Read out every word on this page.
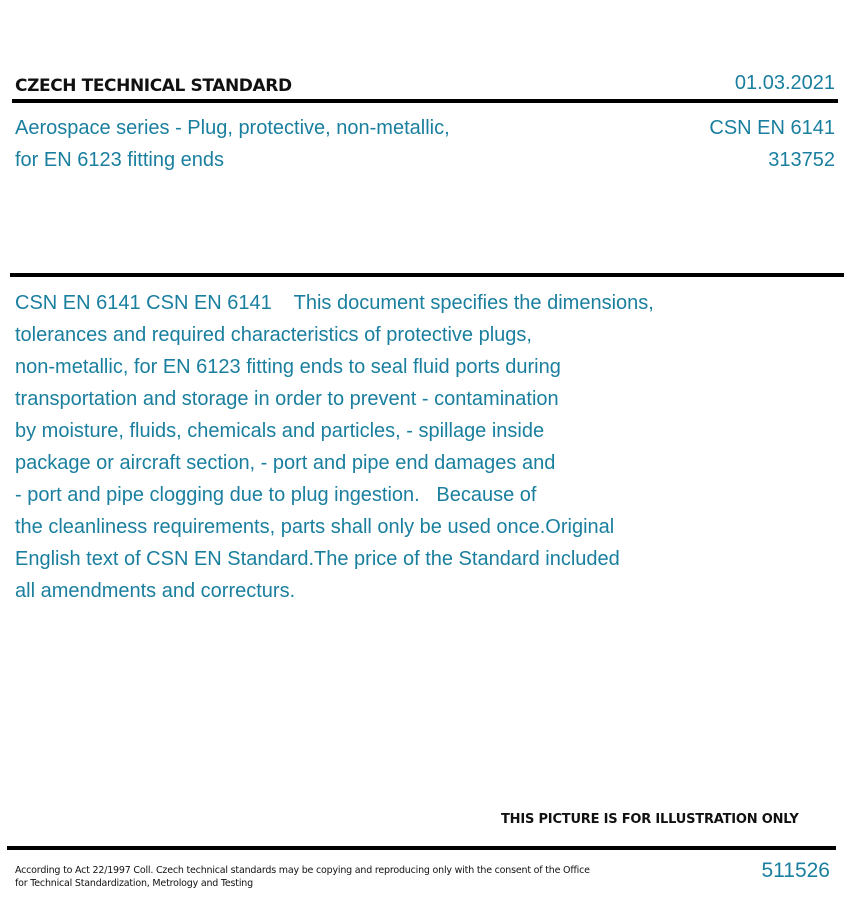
CZECH TECHNICAL STANDARD	01.03.2021
Aerospace series - Plug, protective, non-metallic,
for EN 6123 fitting ends
CSN EN 6141
313752
CSN EN 6141 CSN EN 6141    This document specifies the dimensions,
tolerances and required characteristics of protective plugs,
non-metallic, for EN 6123 fitting ends to seal fluid ports during
transportation and storage in order to prevent - contamination
by moisture, fluids, chemicals and particles, - spillage inside
package or aircraft section, - port and pipe end damages and
- port and pipe clogging due to plug ingestion.   Because of
the cleanliness requirements, parts shall only be used once.Original
English text of CSN EN Standard.The price of the Standard included
all amendments and correcturs.
THIS PICTURE IS FOR ILLUSTRATION ONLY
According to Act 22/1997 Coll. Czech technical standards may be copying and reproducing only with the consent of the Office
for Technical Standardization, Metrology and Testing
511526
